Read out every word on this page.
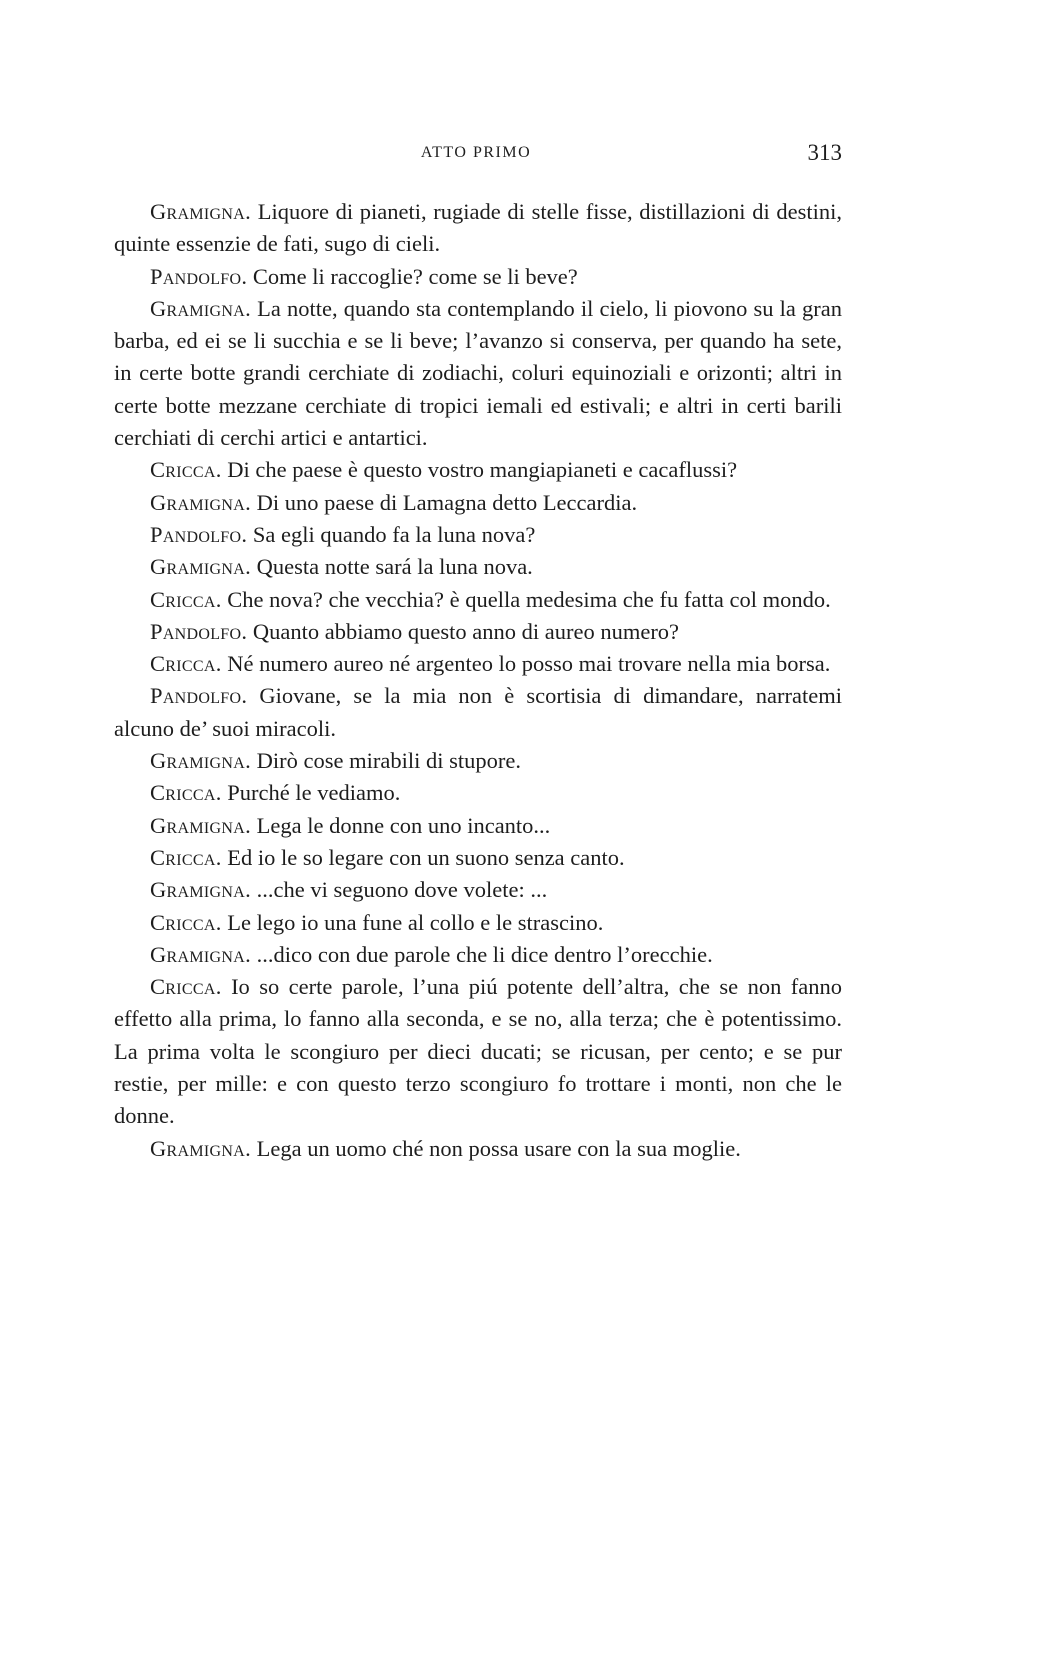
ATTO PRIMO	313

Gramigna. Liquore di pianeti, rugiade di stelle fisse, distillazioni di destini, quinte essenzie de fati, sugo di cieli.

Pandolfo. Come li raccoglie? come se li beve?

Gramigna. La notte, quando sta contemplando il cielo, li piovono su la gran barba, ed ei se li succhia e se li beve; l’avanzo si conserva, per quando ha sete, in certe botte grandi cerchiate di zodiachi, coluri equinoziali e orizonti; altri in certe botte mezzane cerchiate di tropici iemali ed estivali; e altri in certi barili cerchiati di cerchi artici e antartici.

Cricca. Di che paese è questo vostro mangiapianeti e cacaflussi?

Gramigna. Di uno paese di Lamagna detto Leccardia.

Pandolfo. Sa egli quando fa la luna nova?

Gramigna. Questa notte sará la luna nova.

Cricca. Che nova? che vecchia? è quella medesima che fu fatta col mondo.

Pandolfo. Quanto abbiamo questo anno di aureo numero?

Cricca. Né numero aureo né argenteo lo posso mai trovare nella mia borsa.

Pandolfo. Giovane, se la mia non è scortisia di dimandare, narratemi alcuno de’ suoi miracoli.

Gramigna. Dirò cose mirabili di stupore.

Cricca. Purché le vediamo.

Gramigna. Lega le donne con uno incanto...

Cricca. Ed io le so legare con un suono senza canto.

Gramigna. ...che vi seguono dove volete: ...

Cricca. Le lego io una fune al collo e le strascino.

Gramigna. ...dico con due parole che li dice dentro l’orecchie.

Cricca. Io so certe parole, l’una piú potente dell’altra, che se non fanno effetto alla prima, lo fanno alla seconda, e se no, alla terza; che è potentissimo. La prima volta le scongiuro per dieci ducati; se ricusan, per cento; e se pur restie, per mille: e con questo terzo scongiuro fo trottare i monti, non che le donne.

Gramigna. Lega un uomo ché non possa usare con la sua moglie.
